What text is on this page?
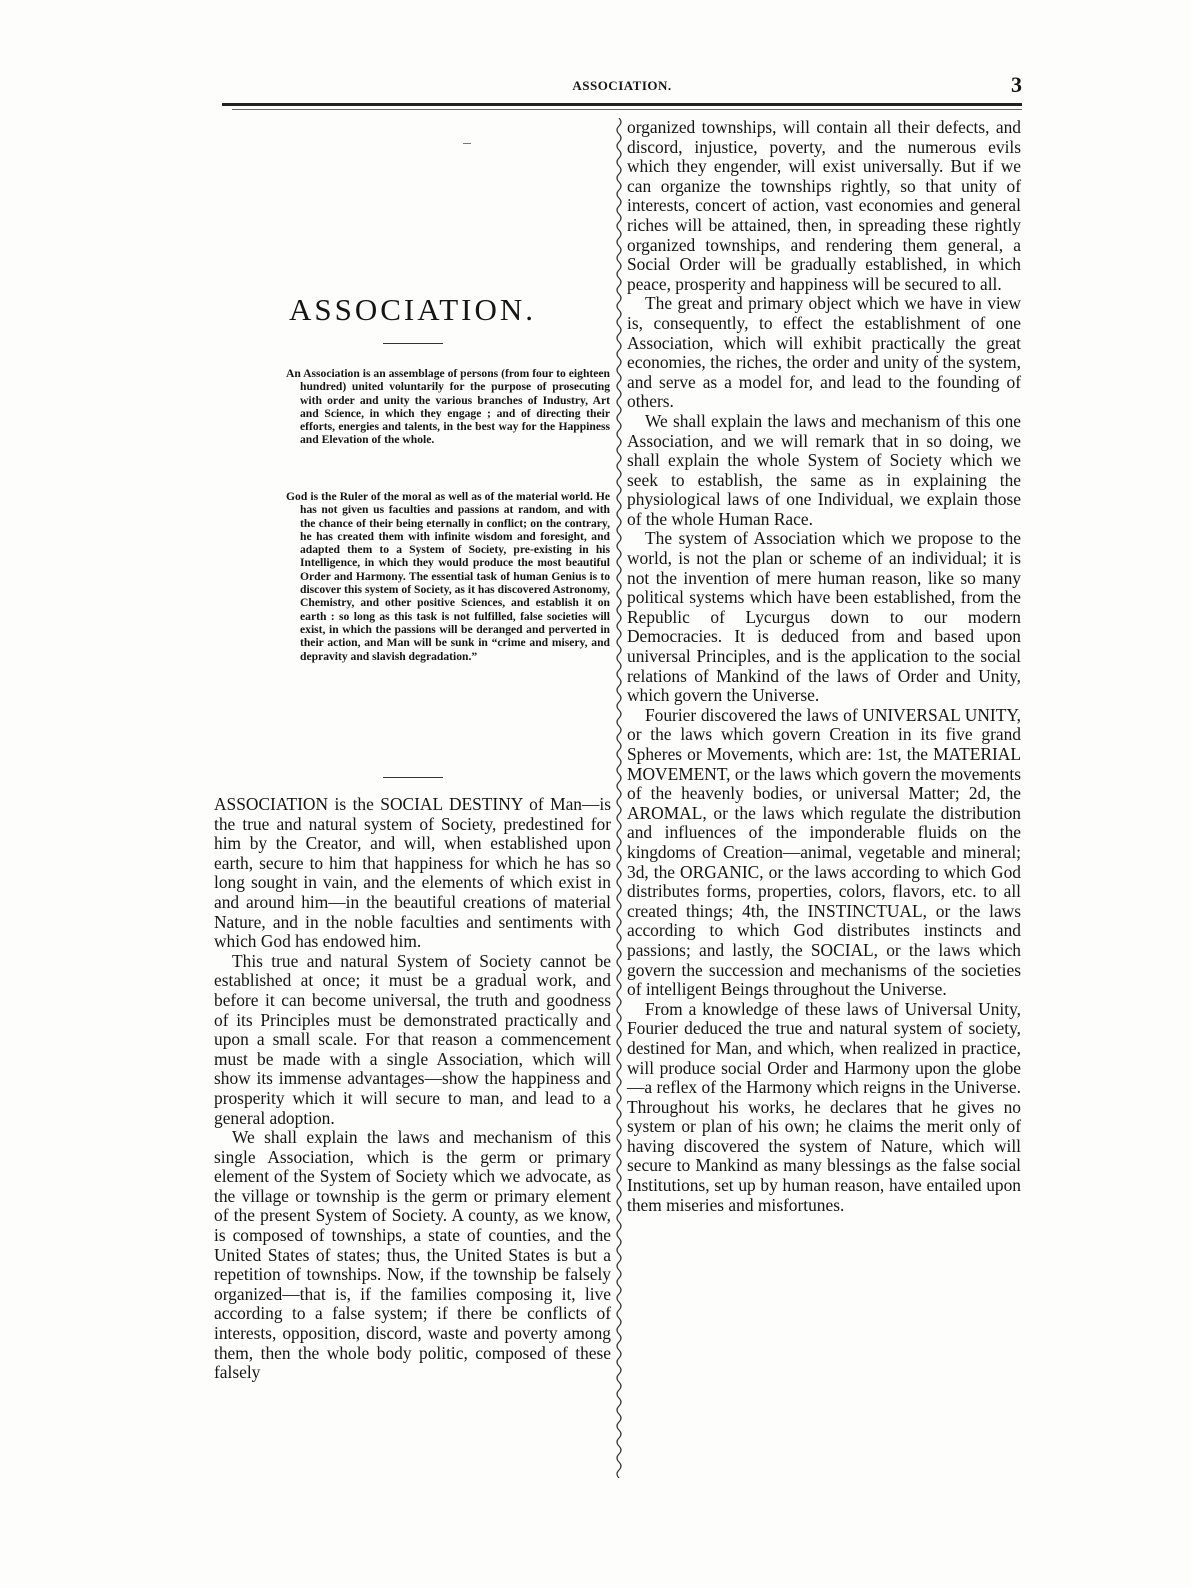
ASSOCIATION.	3
ASSOCIATION.
An Association is an assemblage of persons (from four to eighteen hundred) united voluntarily for the purpose of prosecuting with order and unity the various branches of Industry, Art and Science, in which they engage ; and of directing their efforts, energies and talents, in the best way for the Happiness and Elevation of the whole.
God is the Ruler of the moral as well as of the material world. He has not given us faculties and passions at random, and with the chance of their being eternally in conflict; on the contrary, he has created them with infinite wisdom and foresight, and adapted them to a System of Society, pre-existing in his Intelligence, in which they would produce the most beautiful Order and Harmony. The essential task of human Genius is to discover this system of Society, as it has discovered Astronomy, Chemistry, and other positive Sciences, and establish it on earth : so long as this task is not fulfilled, false societies will exist, in which the passions will be deranged and perverted in their action, and Man will be sunk in “crime and misery, and depravity and slavish degradation.”

ASSOCIATION is the SOCIAL DESTINY of Man—is the true and natural system of Society, predestined for him by the Creator, and will, when established upon earth, secure to him that happiness for which he has so long sought in vain, and the elements of which exist in and around him—in the beautiful creations of material Nature, and in the noble faculties and sentiments with which God has endowed him.

This true and natural System of Society cannot be established at once; it must be a gradual work, and before it can become universal, the truth and goodness of its Principles must be demonstrated practically and upon a small scale. For that reason a commencement must be made with a single Association, which will show its immense advantages—show the happiness and prosperity which it will secure to man, and lead to a general adoption.

We shall explain the laws and mechanism of this single Association, which is the germ or primary element of the System of Society which we advocate, as the village or township is the germ or primary element of the present System of Society. A county, as we know, is composed of townships, a state of counties, and the United States of states; thus, the United States is but a repetition of townships. Now, if the township be falsely organized—that is, if the families composing it, live according to a false system; if there be conflicts of interests, opposition, discord, waste and poverty among them, then the whole body politic, composed of these falsely

organized townships, will contain all their defects, and discord, injustice, poverty, and the numerous evils which they engender, will exist universally. But if we can organize the townships rightly, so that unity of interests, concert of action, vast economies and general riches will be attained, then, in spreading these rightly organized townships, and rendering them general, a Social Order will be gradually established, in which peace, prosperity and happiness will be secured to all.

The great and primary object which we have in view is, consequently, to effect the establishment of one Association, which will exhibit practically the great economies, the riches, the order and unity of the system, and serve as a model for, and lead to the founding of others.

We shall explain the laws and mechanism of this one Association, and we will remark that in so doing, we shall explain the whole System of Society which we seek to establish, the same as in explaining the physiological laws of one Individual, we explain those of the whole Human Race.

The system of Association which we propose to the world, is not the plan or scheme of an individual; it is not the invention of mere human reason, like so many political systems which have been established, from the Republic of Lycurgus down to our modern Democracies. It is deduced from and based upon universal Principles, and is the application to the social relations of Mankind of the laws of Order and Unity, which govern the Universe.

Fourier discovered the laws of UNIVERSAL UNITY, or the laws which govern Creation in its five grand Spheres or Movements, which are: 1st, the MATERIAL MOVEMENT, or the laws which govern the movements of the heavenly bodies, or universal Matter; 2d, the AROMAL, or the laws which regulate the distribution and influences of the imponderable fluids on the kingdoms of Creation—animal, vegetable and mineral; 3d, the ORGANIC, or the laws according to which God distributes forms, properties, colors, flavors, etc. to all created things; 4th, the INSTINCTUAL, or the laws according to which God distributes instincts and passions; and lastly, the SOCIAL, or the laws which govern the succession and mechanisms of the societies of intelligent Beings throughout the Universe.

From a knowledge of these laws of Universal Unity, Fourier deduced the true and natural system of society, destined for Man, and which, when realized in practice, will produce social Order and Harmony upon the globe—a reflex of the Harmony which reigns in the Universe. Throughout his works, he declares that he gives no system or plan of his own; he claims the merit only of having discovered the system of Nature, which will secure to Mankind as many blessings as the false social Institutions, set up by human reason, have entailed upon them miseries and misfortunes.
